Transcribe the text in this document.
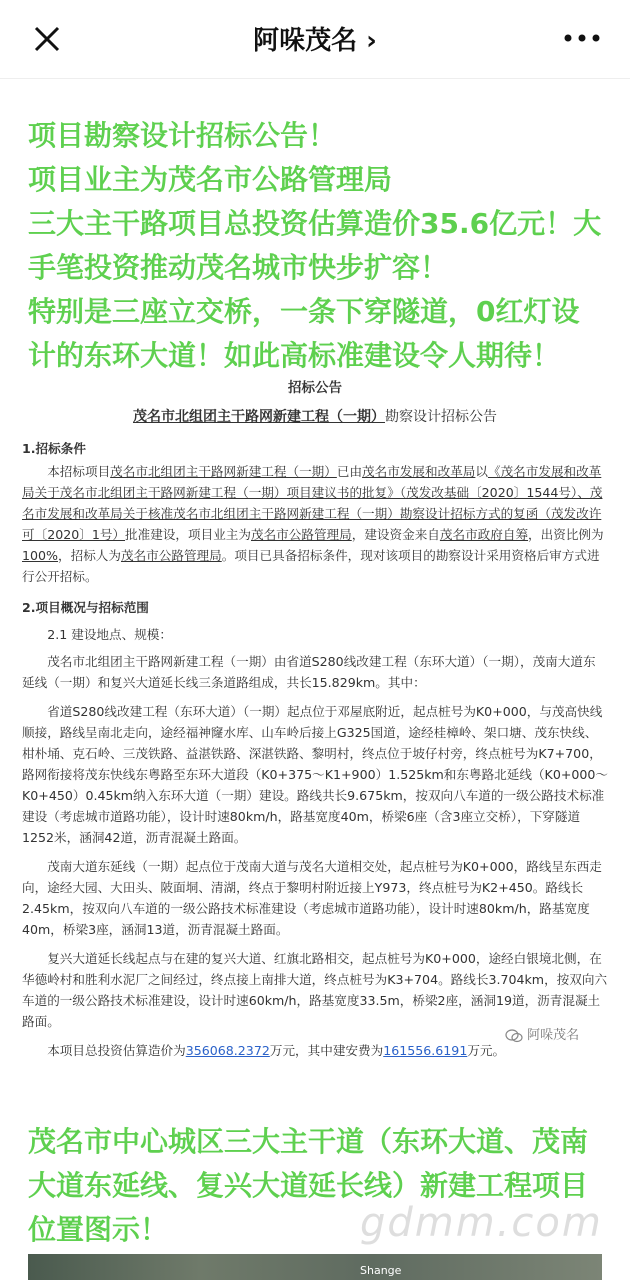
阿哚茂名 ›
项目勘察设计招标公告！
项目业主为茂名市公路管理局
三大主干路项目总投资估算造价35.6亿元！大
手笔投资推动茂名城市快步扩容！
特别是三座立交桥，一条下穿隧道，0红灯设
计的东环大道！如此高标准建设令人期待！
招标公告
茂名市北组团主干路网新建工程（一期）勘察设计招标公告
1.招标条件
本招标项目茂名市北组团主干路网新建工程（一期）已由茂名市发展和改革局以《茂名市发展和改革局关于茂名市北组团主干路网新建工程（一期）项目建议书的批复》（茂发改基础〔2020〕1544号）、茂名市发展和改革局关于核准茂名市北组团主干路网新建工程（一期）勘察设计招标方式的复函（茂发改许可〔2020〕1号）批准建设，项目业主为茂名市公路管理局，建设资金来自茂名市政府自筹，出资比例为100%，招标人为茂名市公路管理局。项目已具备招标条件，现对该项目的勘察设计采用资格后审方式进行公开招标。
2.项目概况与招标范围
2.1 建设地点、规模：
茂名市北组团主干路网新建工程（一期）由省道S280线改建工程（东环大道）（一期），茂南大道东延线（一期）和复兴大道延长线三条道路组成，共长15.829km。其中：
省道S280线改建工程（东环大道）（一期）起点位于邓屋底附近，起点桩号为K0+000，与茂高快线顺接，路线呈南北走向，途经福神窿水库、山车岭后接上G325国道，途经桂樟岭、架口塘、茂东快线、柑朴埇、克石岭、三茂铁路、益湛铁路、深湛铁路、黎明村，终点位于坡仔村旁，终点桩号为K7+700，路网衔接将茂东快线东粤路至东环大道段（K0+375～K1+900）1.525km和东粤路北延线（K0+000～K0+450）0.45km纳入东环大道（一期）建设。路线共长9.675km，按双向八车道的一级公路技术标准建设（考虑城市道路功能），设计时速80km/h，路基宽度40m，桥梁6座（含3座立交桥），下穿隧道1252米，涵洞42道，沥青混凝土路面。
茂南大道东延线（一期）起点位于茂南大道与茂名大道相交处，起点桩号为K0+000，路线呈东西走向，途经大园、大田头、陂面垌、清湖，终点于黎明村附近接上Y973，终点桩号为K2+450。路线长2.45km，按双向八车道的一级公路技术标准建设（考虑城市道路功能），设计时速80km/h，路基宽度40m，桥梁3座，涵洞13道，沥青混凝土路面。
复兴大道延长线起点与在建的复兴大道、红旗北路相交，起点桩号为K0+000，途经白银境北侧，在华德岭村和胜利水泥厂之间经过，终点接上南排大道，终点桩号为K3+704。路线长3.704km，按双向六车道的一级公路技术标准建设，设计时速60km/h，路基宽度33.5m，桥梁2座，涵洞19道，沥青混凝土路面。
本项目总投资估算造价为356068.2372万元，其中建安费为161556.6191万元。
阿哚茂名
茂名市中心城区三大主干道（东环大道、茂南
大道东延线、复兴大道延长线）新建工程项目
位置图示！	gdmm.com
Shange
